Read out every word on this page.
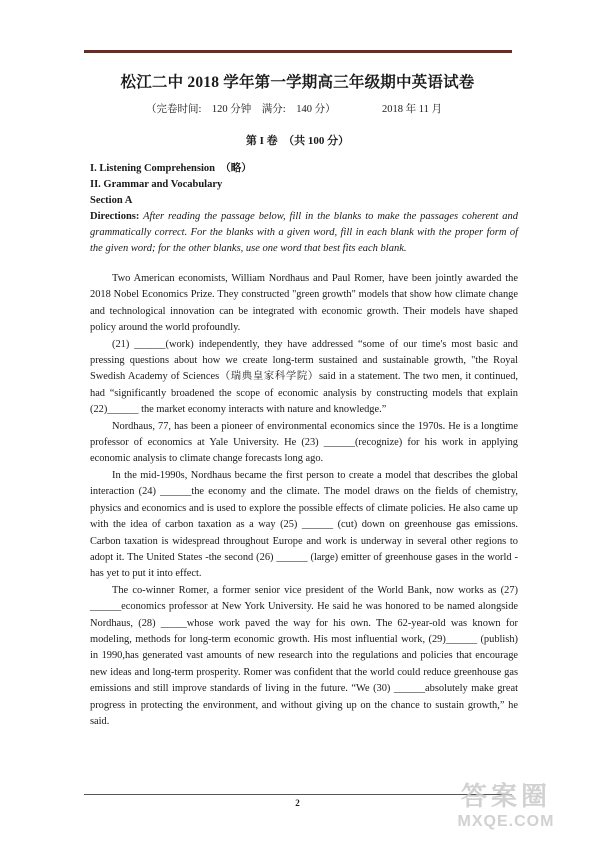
松江二中 2018 学年第一学期高三年级期中英语试卷
（完卷时间:　120 分钟　满分:　140 分）	2018 年 11 月
第 I 卷　（共 100 分）
I. Listening Comprehension　（略）
II. Grammar and Vocabulary
Section A
Directions: After reading the passage below, fill in the blanks to make the passages coherent and grammatically correct. For the blanks with a given word, fill in each blank with the proper form of the given word; for the other blanks, use one word that best fits each blank.

Two American economists, William Nordhaus and Paul Romer, have been jointly awarded the 2018 Nobel Economics Prize. They constructed "green growth" models that show how climate change and technological innovation can be integrated with economic growth. Their models have shaped policy around the world profoundly.

(21) ______(work) independently, they have addressed “some of our time's most basic and pressing questions about how we create long-term sustained and sustainable growth, "the Royal Swedish Academy of Sciences（瑞典皇家科学院）said in a statement. The two men, it continued, had “significantly broadened the scope of economic analysis by constructing models that explain (22)______ the market economy interacts with nature and knowledge.”

Nordhaus, 77, has been a pioneer of environmental economics since the 1970s. He is a longtime professor of economics at Yale University. He (23) ______(recognize) for his work in applying economic analysis to climate change forecasts long ago.

In the mid-1990s, Nordhaus became the first person to create a model that describes the global interaction (24) ______the economy and the climate. The model draws on the fields of chemistry, physics and economics and is used to explore the possible effects of climate policies. He also came up with the idea of carbon taxation as a way (25) ______ (cut) down on greenhouse gas emissions. Carbon taxation is widespread throughout Europe and work is underway in several other regions to adopt it. The United States -the second (26) ______ (large) emitter of greenhouse gases in the world -has yet to put it into effect.

The co-winner Romer, a former senior vice president of the World Bank, now works as (27) ______economics professor at New York University. He said he was honored to be named alongside Nordhaus, (28) _____whose work paved the way for his own. The 62-year-old was known for modeling, methods for long-term economic growth. His most influential work, (29)______ (publish) in 1990,has generated vast amounts of new research into the regulations and policies that encourage new ideas and long-term prosperity. Romer was confident that the world could reduce greenhouse gas emissions and still improve standards of living in the future. “We (30) ______absolutely make great progress in protecting the environment, and without giving up on the chance to sustain growth,” he said.

2	答案圈
MXQE.COM
